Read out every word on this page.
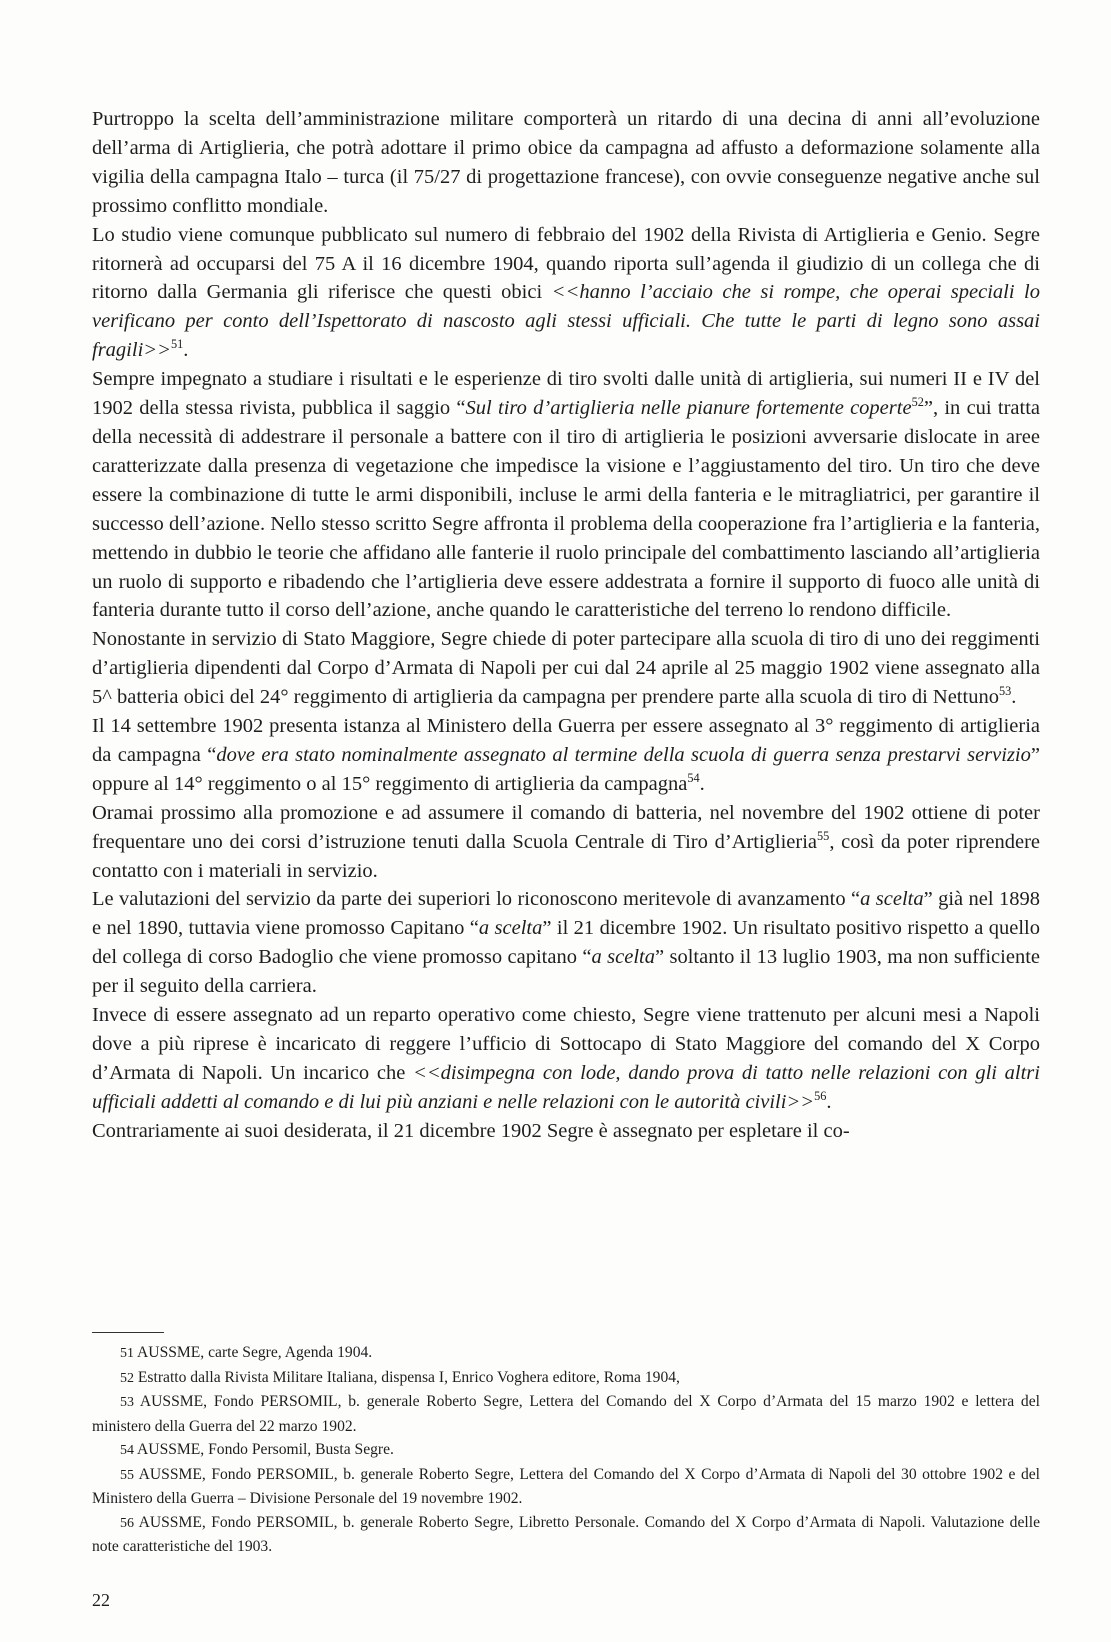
Purtroppo la scelta dell’amministrazione militare comporterà un ritardo di una decina di anni all’evoluzione dell’arma di Artiglieria, che potrà adottare il primo obice da campagna ad affusto a deformazione solamente alla vigilia della campagna Italo – turca (il 75/27 di progettazione francese), con ovvie conseguenze negative anche sul prossimo conflitto mondiale.

Lo studio viene comunque pubblicato sul numero di febbraio del 1902 della Rivista di Artiglieria e Genio. Segre ritornerà ad occuparsi del 75 A il 16 dicembre 1904, quando riporta sull’agenda il giudizio di un collega che di ritorno dalla Germania gli riferisce che questi obici <<hanno l’acciaio che si rompe, che operai speciali lo verificano per conto dell’Ispettorato di nascosto agli stessi ufficiali. Che tutte le parti di legno sono assai fragili>>$^{51}$.

Sempre impegnato a studiare i risultati e le esperienze di tiro svolti dalle unità di artiglieria, sui numeri II e IV del 1902 della stessa rivista, pubblica il saggio “Sul tiro d’artiglieria nelle pianure fortemente coperte$^{52}$”, in cui tratta della necessità di addestrare il personale a battere con il tiro di artiglieria le posizioni avversarie dislocate in aree caratterizzate dalla presenza di vegetazione che impedisce la visione e l’aggiustamento del tiro. Un tiro che deve essere la combinazione di tutte le armi disponibili, incluse le armi della fanteria e le mitragliatrici, per garantire il successo dell’azione. Nello stesso scritto Segre affronta il problema della cooperazione fra l’artiglieria e la fanteria, mettendo in dubbio le teorie che affidano alle fanterie il ruolo principale del combattimento lasciando all’artiglieria un ruolo di supporto e ribadendo che l’artiglieria deve essere addestrata a fornire il supporto di fuoco alle unità di fanteria durante tutto il corso dell’azione, anche quando le caratteristiche del terreno lo rendono difficile.

Nonostante in servizio di Stato Maggiore, Segre chiede di poter partecipare alla scuola di tiro di uno dei reggimenti d’artiglieria dipendenti dal Corpo d’Armata di Napoli per cui dal 24 aprile al 25 maggio 1902 viene assegnato alla 5^ batteria obici del 24° reggimento di artiglieria da campagna per prendere parte alla scuola di tiro di Nettuno$^{53}$.

Il 14 settembre 1902 presenta istanza al Ministero della Guerra per essere assegnato al 3° reggimento di artiglieria da campagna “dove era stato nominalmente assegnato al termine della scuola di guerra senza prestarvi servizio” oppure al 14° reggimento o al 15° reggimento di artiglieria da campagna$^{54}$.

Oramai prossimo alla promozione e ad assumere il comando di batteria, nel novembre del 1902 ottiene di poter frequentare uno dei corsi d’istruzione tenuti dalla Scuola Centrale di Tiro d’Artiglieria$^{55}$, così da poter riprendere contatto con i materiali in servizio.

Le valutazioni del servizio da parte dei superiori lo riconoscono meritevole di avanzamento “a scelta” già nel 1898 e nel 1890, tuttavia viene promosso Capitano “a scelta” il 21 dicembre 1902. Un risultato positivo rispetto a quello del collega di corso Badoglio che viene promosso capitano “a scelta” soltanto il 13 luglio 1903, ma non sufficiente per il seguito della carriera.

Invece di essere assegnato ad un reparto operativo come chiesto, Segre viene trattenuto per alcuni mesi a Napoli dove a più riprese è incaricato di reggere l’ufficio di Sottocapo di Stato Maggiore del comando del X Corpo d’Armata di Napoli. Un incarico che <<disimpegna con lode, dando prova di tatto nelle relazioni con gli altri ufficiali addetti al comando e di lui più anziani e nelle relazioni con le autorità civili>>$^{56}$.

Contrariamente ai suoi desiderata, il 21 dicembre 1902 Segre è assegnato per espletare il co-

51 AUSSME, carte Segre, Agenda 1904.

52 Estratto dalla Rivista Militare Italiana, dispensa I, Enrico Voghera editore, Roma 1904,

53 AUSSME, Fondo PERSOMIL, b. generale Roberto Segre, Lettera del Comando del X Corpo d’Armata del 15 marzo 1902 e lettera del ministero della Guerra del 22 marzo 1902.

54 AUSSME, Fondo Persomil, Busta Segre.

55 AUSSME, Fondo PERSOMIL, b. generale Roberto Segre, Lettera del Comando del X Corpo d’Armata di Napoli del 30 ottobre 1902 e del Ministero della Guerra – Divisione Personale del 19 novembre 1902.

56 AUSSME, Fondo PERSOMIL, b. generale Roberto Segre, Libretto Personale. Comando del X Corpo d’Armata di Napoli. Valutazione delle note caratteristiche del 1903.

22
